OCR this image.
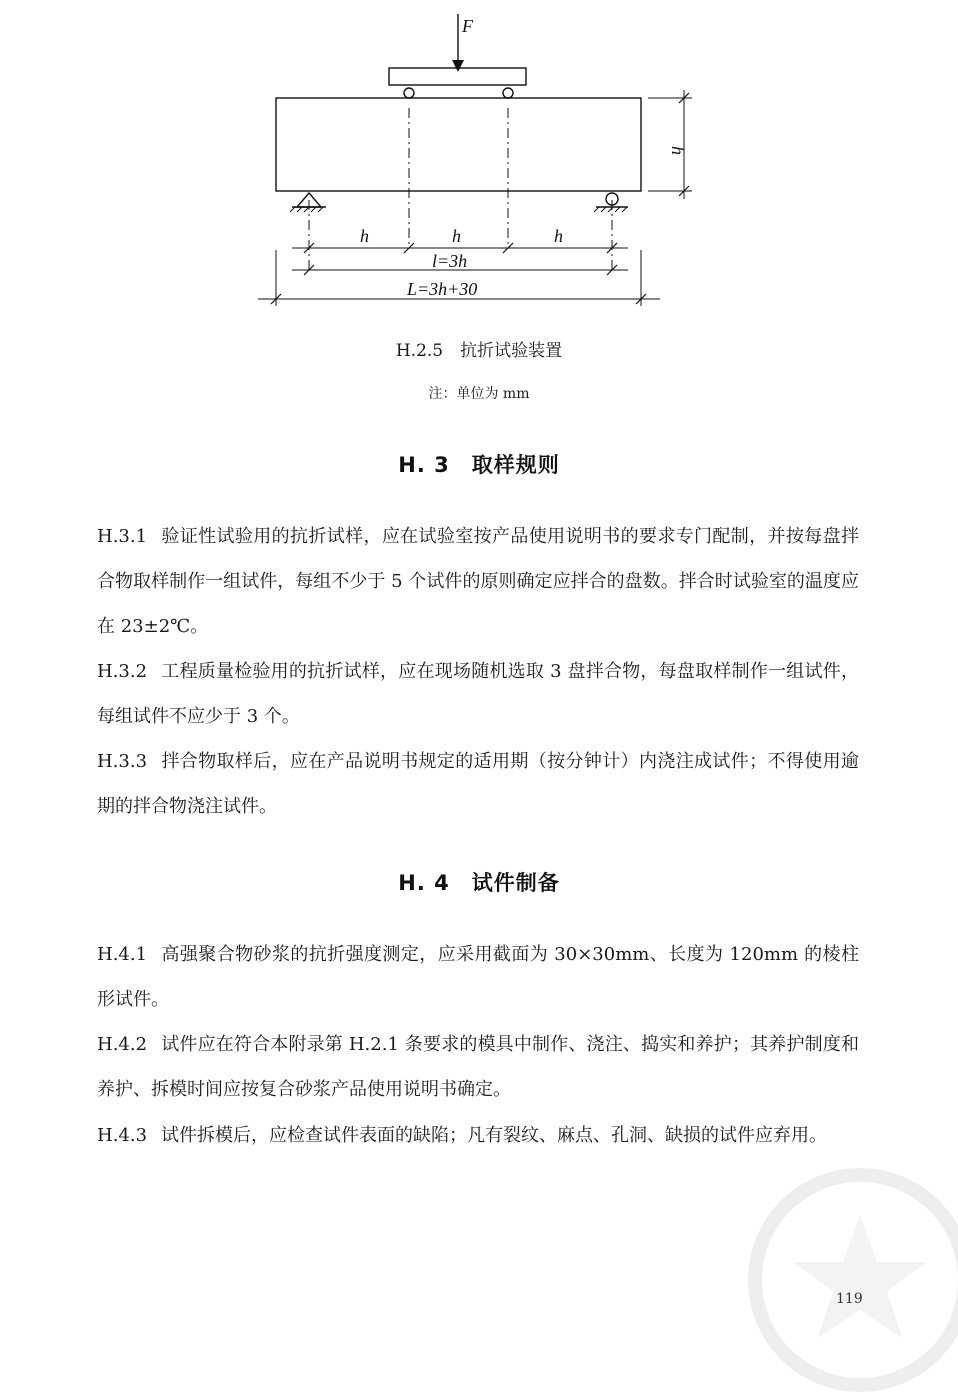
F
h
h	h	h
l=3h
L=3h+30
H.2.5　抗折试验装置
注：单位为 mm
H. 3　取样规则
H.3.1 验证性试验用的抗折试样，应在试验室按产品使用说明书的要求专门配制，并按每盘拌合物取样制作一组试件，每组不少于 5 个试件的原则确定应拌合的盘数。拌合时试验室的温度应在 23±2℃。
H.3.2 工程质量检验用的抗折试样，应在现场随机选取 3 盘拌合物，每盘取样制作一组试件，每组试件不应少于 3 个。
H.3.3 拌合物取样后，应在产品说明书规定的适用期（按分钟计）内浇注成试件；不得使用逾期的拌合物浇注试件。
H. 4　试件制备
H.4.1 高强聚合物砂浆的抗折强度测定，应采用截面为 30×30mm、长度为 120mm 的棱柱形试件。
H.4.2 试件应在符合本附录第 H.2.1 条要求的模具中制作、浇注、捣实和养护；其养护制度和养护、拆模时间应按复合砂浆产品使用说明书确定。
H.4.3 试件拆模后，应检查试件表面的缺陷；凡有裂纹、麻点、孔洞、缺损的试件应弃用。
119
